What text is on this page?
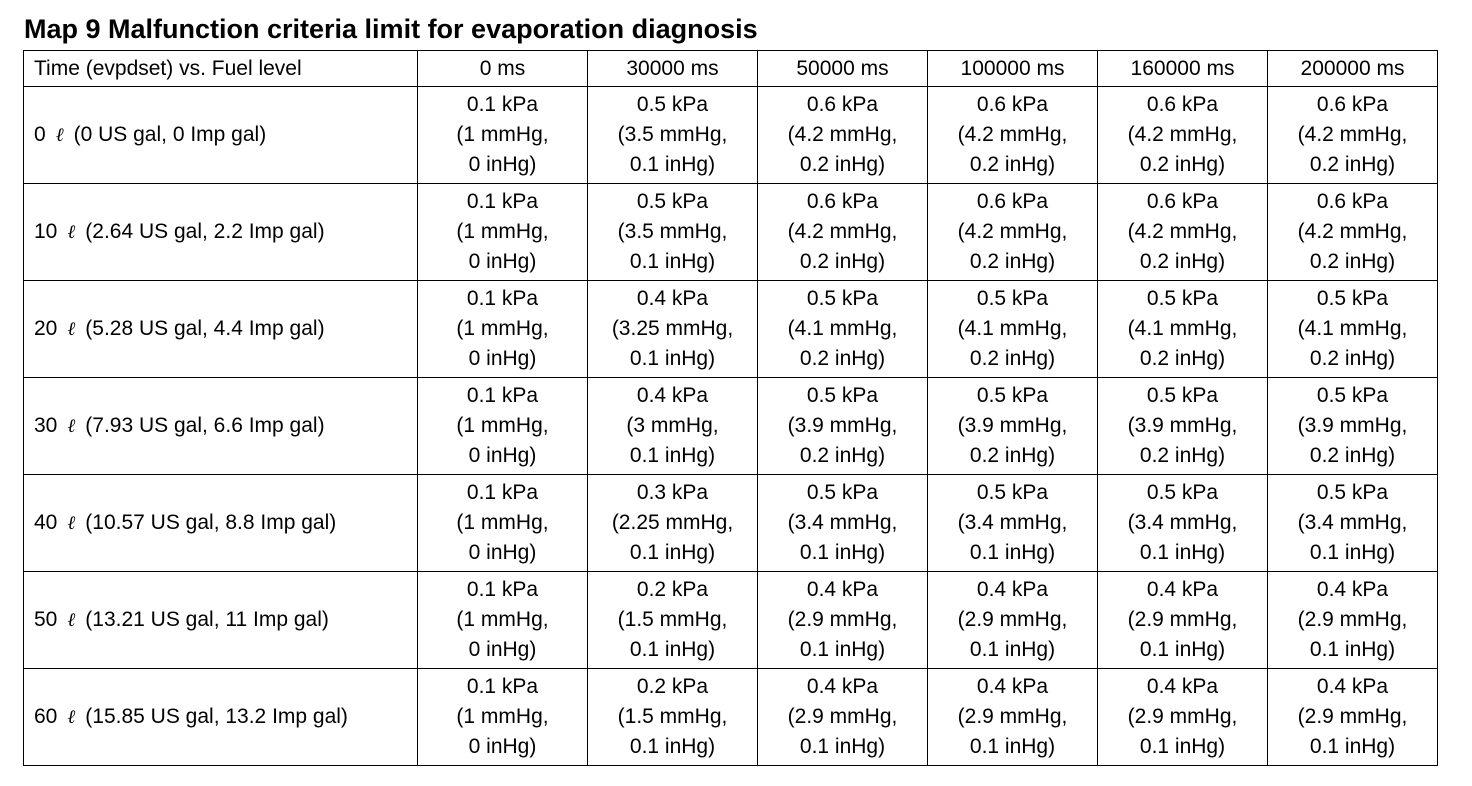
Map 9 Malfunction criteria limit for evaporation diagnosis
Time (evpdset) vs. Fuel level	0 ms	30000 ms	50000 ms	100000 ms	160000 ms	200000 ms
0 ℓ (0 US gal, 0 Imp gal)	0.1 kPa
(1 mmHg,
0 inHg)	0.5 kPa
(3.5 mmHg,
0.1 inHg)	0.6 kPa
(4.2 mmHg,
0.2 inHg)	0.6 kPa
(4.2 mmHg,
0.2 inHg)	0.6 kPa
(4.2 mmHg,
0.2 inHg)	0.6 kPa
(4.2 mmHg,
0.2 inHg)

10 ℓ (2.64 US gal, 2.2 Imp gal)	0.1 kPa
(1 mmHg,
0 inHg)	0.5 kPa
(3.5 mmHg,
0.1 inHg)	0.6 kPa
(4.2 mmHg,
0.2 inHg)	0.6 kPa
(4.2 mmHg,
0.2 inHg)	0.6 kPa
(4.2 mmHg,
0.2 inHg)	0.6 kPa
(4.2 mmHg,
0.2 inHg)

20 ℓ (5.28 US gal, 4.4 Imp gal)	0.1 kPa
(1 mmHg,
0 inHg)	0.4 kPa
(3.25 mmHg,
0.1 inHg)	0.5 kPa
(4.1 mmHg,
0.2 inHg)	0.5 kPa
(4.1 mmHg,
0.2 inHg)	0.5 kPa
(4.1 mmHg,
0.2 inHg)	0.5 kPa
(4.1 mmHg,
0.2 inHg)

30 ℓ (7.93 US gal, 6.6 Imp gal)	0.1 kPa
(1 mmHg,
0 inHg)	0.4 kPa
(3 mmHg,
0.1 inHg)	0.5 kPa
(3.9 mmHg,
0.2 inHg)	0.5 kPa
(3.9 mmHg,
0.2 inHg)	0.5 kPa
(3.9 mmHg,
0.2 inHg)	0.5 kPa
(3.9 mmHg,
0.2 inHg)

40 ℓ (10.57 US gal, 8.8 Imp gal)	0.1 kPa
(1 mmHg,
0 inHg)	0.3 kPa
(2.25 mmHg,
0.1 inHg)	0.5 kPa
(3.4 mmHg,
0.1 inHg)	0.5 kPa
(3.4 mmHg,
0.1 inHg)	0.5 kPa
(3.4 mmHg,
0.1 inHg)	0.5 kPa
(3.4 mmHg,
0.1 inHg)

50 ℓ (13.21 US gal, 11 Imp gal)	0.1 kPa
(1 mmHg,
0 inHg)	0.2 kPa
(1.5 mmHg,
0.1 inHg)	0.4 kPa
(2.9 mmHg,
0.1 inHg)	0.4 kPa
(2.9 mmHg,
0.1 inHg)	0.4 kPa
(2.9 mmHg,
0.1 inHg)	0.4 kPa
(2.9 mmHg,
0.1 inHg)

60 ℓ (15.85 US gal, 13.2 Imp gal)	0.1 kPa
(1 mmHg,
0 inHg)	0.2 kPa
(1.5 mmHg,
0.1 inHg)	0.4 kPa
(2.9 mmHg,
0.1 inHg)	0.4 kPa
(2.9 mmHg,
0.1 inHg)	0.4 kPa
(2.9 mmHg,
0.1 inHg)	0.4 kPa
(2.9 mmHg,
0.1 inHg)
